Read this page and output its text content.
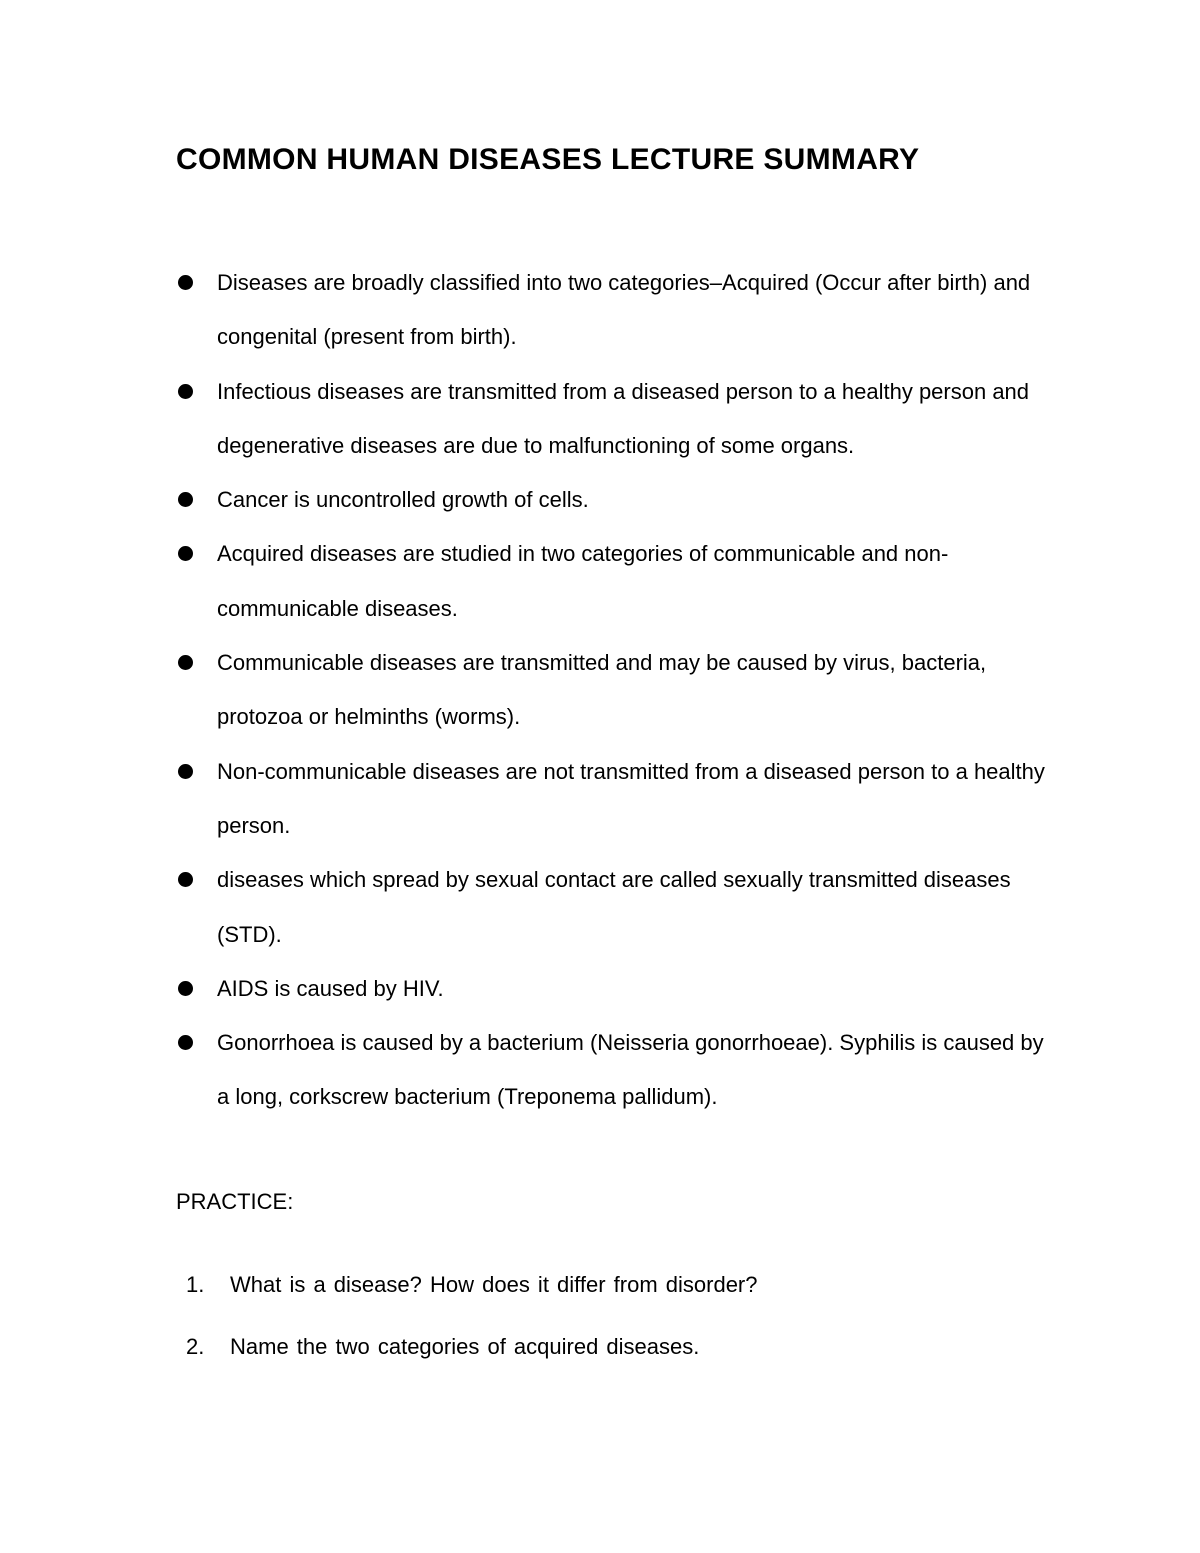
COMMON HUMAN DISEASES LECTURE SUMMARY
Diseases are broadly classified into two categories–Acquired (Occur after birth) and congenital (present from birth).
Infectious diseases are transmitted from a diseased person to a healthy person and degenerative diseases are due to malfunctioning of some organs.
Cancer is uncontrolled growth of cells.
Acquired diseases are studied in two categories of communicable and non-communicable diseases.
Communicable diseases are transmitted and may be caused by virus, bacteria, protozoa or helminths (worms).
Non-communicable diseases are not transmitted from a diseased person to a healthy person.
diseases which spread by sexual contact are called sexually transmitted diseases (STD).
AIDS is caused by HIV.
Gonorrhoea is caused by a bacterium (Neisseria gonorrhoeae). Syphilis is caused by a long, corkscrew bacterium (Treponema pallidum).
PRACTICE:
1. What is a disease? How does it differ from disorder?
2. Name the two categories of acquired diseases.
